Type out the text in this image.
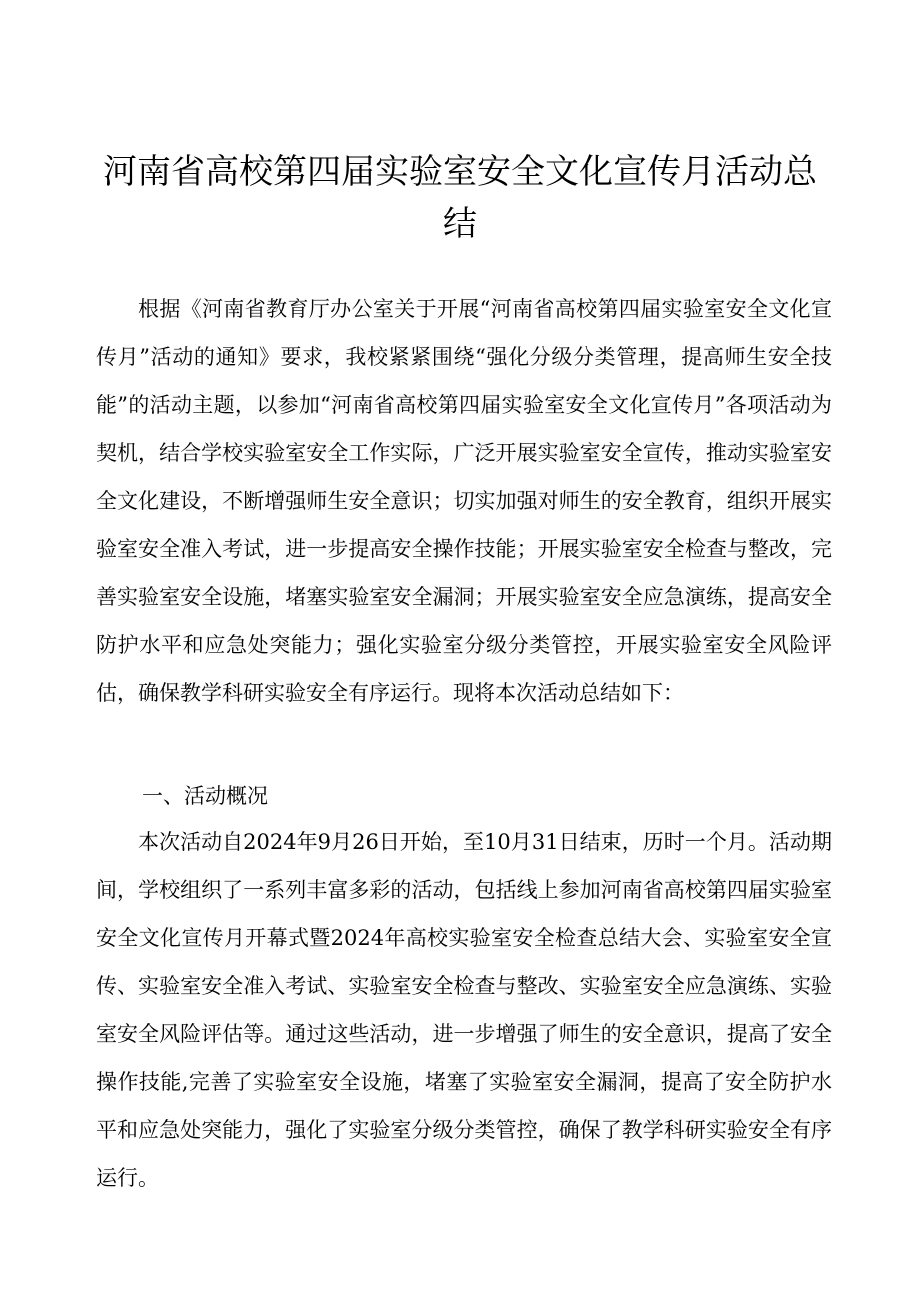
河南省高校第四届实验室安全文化宣传月活动总结

根据《河南省教育厅办公室关于开展“河南省高校第四届实验室安全文化宣传月”活动的通知》要求，我校紧紧围绕“强化分级分类管理，提高师生安全技能”的活动主题，以参加“河南省高校第四届实验室安全文化宣传月”各项活动为契机，结合学校实验室安全工作实际，广泛开展实验室安全宣传，推动实验室安全文化建设，不断增强师生安全意识；切实加强对师生的安全教育，组织开展实验室安全准入考试，进一步提高安全操作技能；开展实验室安全检查与整改，完善实验室安全设施，堵塞实验室安全漏洞；开展实验室安全应急演练，提高安全防护水平和应急处突能力；强化实验室分级分类管控，开展实验室安全风险评估，确保教学科研实验安全有序运行。现将本次活动总结如下：

一、活动概况

本次活动自2024年9月26日开始，至10月31日结束，历时一个月。活动期间，学校组织了一系列丰富多彩的活动，包括线上参加河南省高校第四届实验室安全文化宣传月开幕式暨2024年高校实验室安全检查总结大会、实验室安全宣传、实验室安全准入考试、实验室安全检查与整改、实验室安全应急演练、实验室安全风险评估等。通过这些活动，进一步增强了师生的安全意识，提高了安全操作技能,完善了实验室安全设施，堵塞了实验室安全漏洞，提高了安全防护水平和应急处突能力，强化了实验室分级分类管控，确保了教学科研实验安全有序运行。
